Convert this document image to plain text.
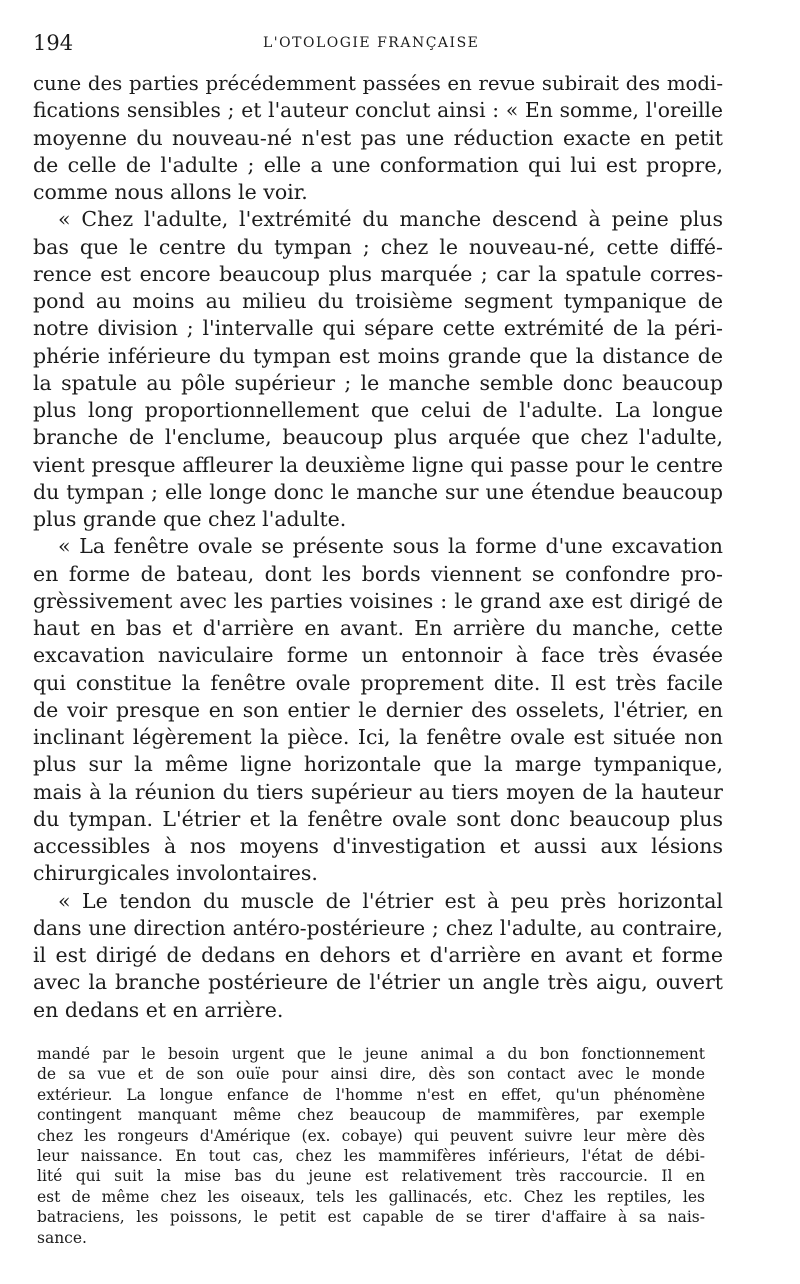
194	L'OTOLOGIE FRANÇAISE
cune des parties précédemment passées en revue subirait des modi-
fications sensibles ; et l'auteur conclut ainsi : « En somme, l'oreille
moyenne du nouveau-né n'est pas une réduction exacte en petit
de celle de l'adulte ; elle a une conformation qui lui est propre,
comme nous allons le voir.
« Chez l'adulte, l'extrémité du manche descend à peine plus
bas que le centre du tympan ; chez le nouveau-né, cette diffé-
rence est encore beaucoup plus marquée ; car la spatule corres-
pond au moins au milieu du troisième segment tympanique de
notre division ; l'intervalle qui sépare cette extrémité de la péri-
phérie inférieure du tympan est moins grande que la distance de
la spatule au pôle supérieur ; le manche semble donc beaucoup
plus long proportionnellement que celui de l'adulte. La longue
branche de l'enclume, beaucoup plus arquée que chez l'adulte,
vient presque affleurer la deuxième ligne qui passe pour le centre
du tympan ; elle longe donc le manche sur une étendue beaucoup
plus grande que chez l'adulte.
« La fenêtre ovale se présente sous la forme d'une excavation
en forme de bateau, dont les bords viennent se confondre pro-
grèssivement avec les parties voisines : le grand axe est dirigé de
haut en bas et d'arrière en avant. En arrière du manche, cette
excavation naviculaire forme un entonnoir à face très évasée
qui constitue la fenêtre ovale proprement dite. Il est très facile
de voir presque en son entier le dernier des osselets, l'étrier, en
inclinant légèrement la pièce. Ici, la fenêtre ovale est située non
plus sur la même ligne horizontale que la marge tympanique,
mais à la réunion du tiers supérieur au tiers moyen de la hauteur
du tympan. L'étrier et la fenêtre ovale sont donc beaucoup plus
accessibles à nos moyens d'investigation et aussi aux lésions
chirurgicales involontaires.
« Le tendon du muscle de l'étrier est à peu près horizontal
dans une direction antéro-postérieure ; chez l'adulte, au contraire,
il est dirigé de dedans en dehors et d'arrière en avant et forme
avec la branche postérieure de l'étrier un angle très aigu, ouvert
en dedans et en arrière.
mandé par le besoin urgent que le jeune animal a du bon fonctionnement
de sa vue et de son ouïe pour ainsi dire, dès son contact avec le monde
extérieur. La longue enfance de l'homme n'est en effet, qu'un phénomène
contingent manquant même chez beaucoup de mammifères, par exemple
chez les rongeurs d'Amérique (ex. cobaye) qui peuvent suivre leur mère dès
leur naissance. En tout cas, chez les mammifères inférieurs, l'état de débi-
lité qui suit la mise bas du jeune est relativement très raccourcie. Il en
est de même chez les oiseaux, tels les gallinacés, etc. Chez les reptiles, les
batraciens, les poissons, le petit est capable de se tirer d'affaire à sa nais-
sance.
